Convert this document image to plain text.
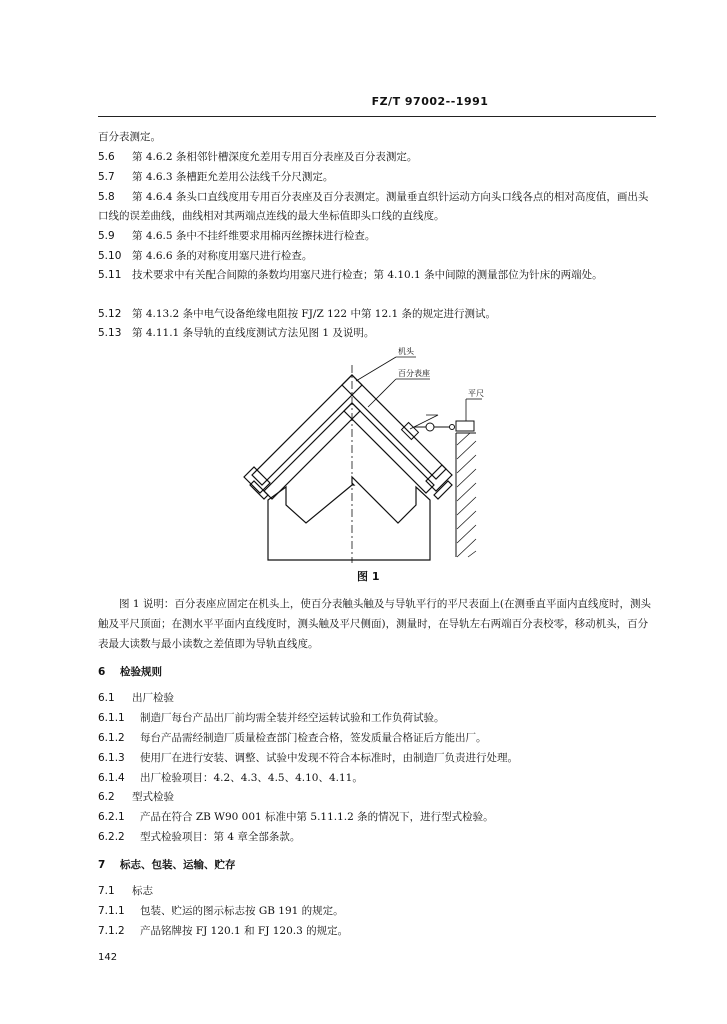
FZ/T 97002--1991
百分表测定。
5.6 第 4.6.2 条相邻针槽深度允差用专用百分表座及百分表测定。
5.7 第 4.6.3 条槽距允差用公法线千分尺测定。
5.8 第 4.6.4 条头口直线度用专用百分表座及百分表测定。测量垂直织针运动方向头口线各点的相对高度值，画出头口线的误差曲线，曲线相对其两端点连线的最大坐标值即头口线的直线度。
5.9 第 4.6.5 条中不挂纤维要求用棉丙丝擦抹进行检查。
5.10 第 4.6.6 条的对称度用塞尺进行检查。
5.11 技术要求中有关配合间隙的条数均用塞尺进行检查；第 4.10.1 条中间隙的测量部位为针床的两端处。
5.12 第 4.13.2 条中电气设备绝缘电阻按 FJ/Z 122 中第 12.1 条的规定进行测试。
5.13 第 4.11.1 条导轨的直线度测试方法见图 1 及说明。
机头
百分表座
平尺
图 1
图 1 说明：百分表座应固定在机头上，使百分表触头触及与导轨平行的平尺表面上(在测垂直平面内直线度时，测头触及平尺顶面；在测水平平面内直线度时，测头触及平尺侧面)，测量时，在导轨左右两端百分表校零，移动机头，百分表最大读数与最小读数之差值即为导轨直线度。
6 检验规则
6.1 出厂检验
6.1.1 制造厂每台产品出厂前均需全装并经空运转试验和工作负荷试验。
6.1.2 每台产品需经制造厂质量检查部门检查合格，签发质量合格证后方能出厂。
6.1.3 使用厂在进行安装、调整、试验中发现不符合本标准时，由制造厂负责进行处理。
6.1.4 出厂检验项目：4.2、4.3、4.5、4.10、4.11。
6.2 型式检验
6.2.1 产品在符合 ZB W90 001 标准中第 5.11.1.2 条的情况下，进行型式检验。
6.2.2 型式检验项目：第 4 章全部条款。
7 标志、包装、运输、贮存
7.1 标志
7.1.1 包装、贮运的图示标志按 GB 191 的规定。
7.1.2 产品铭牌按 FJ 120.1 和 FJ 120.3 的规定。
142
